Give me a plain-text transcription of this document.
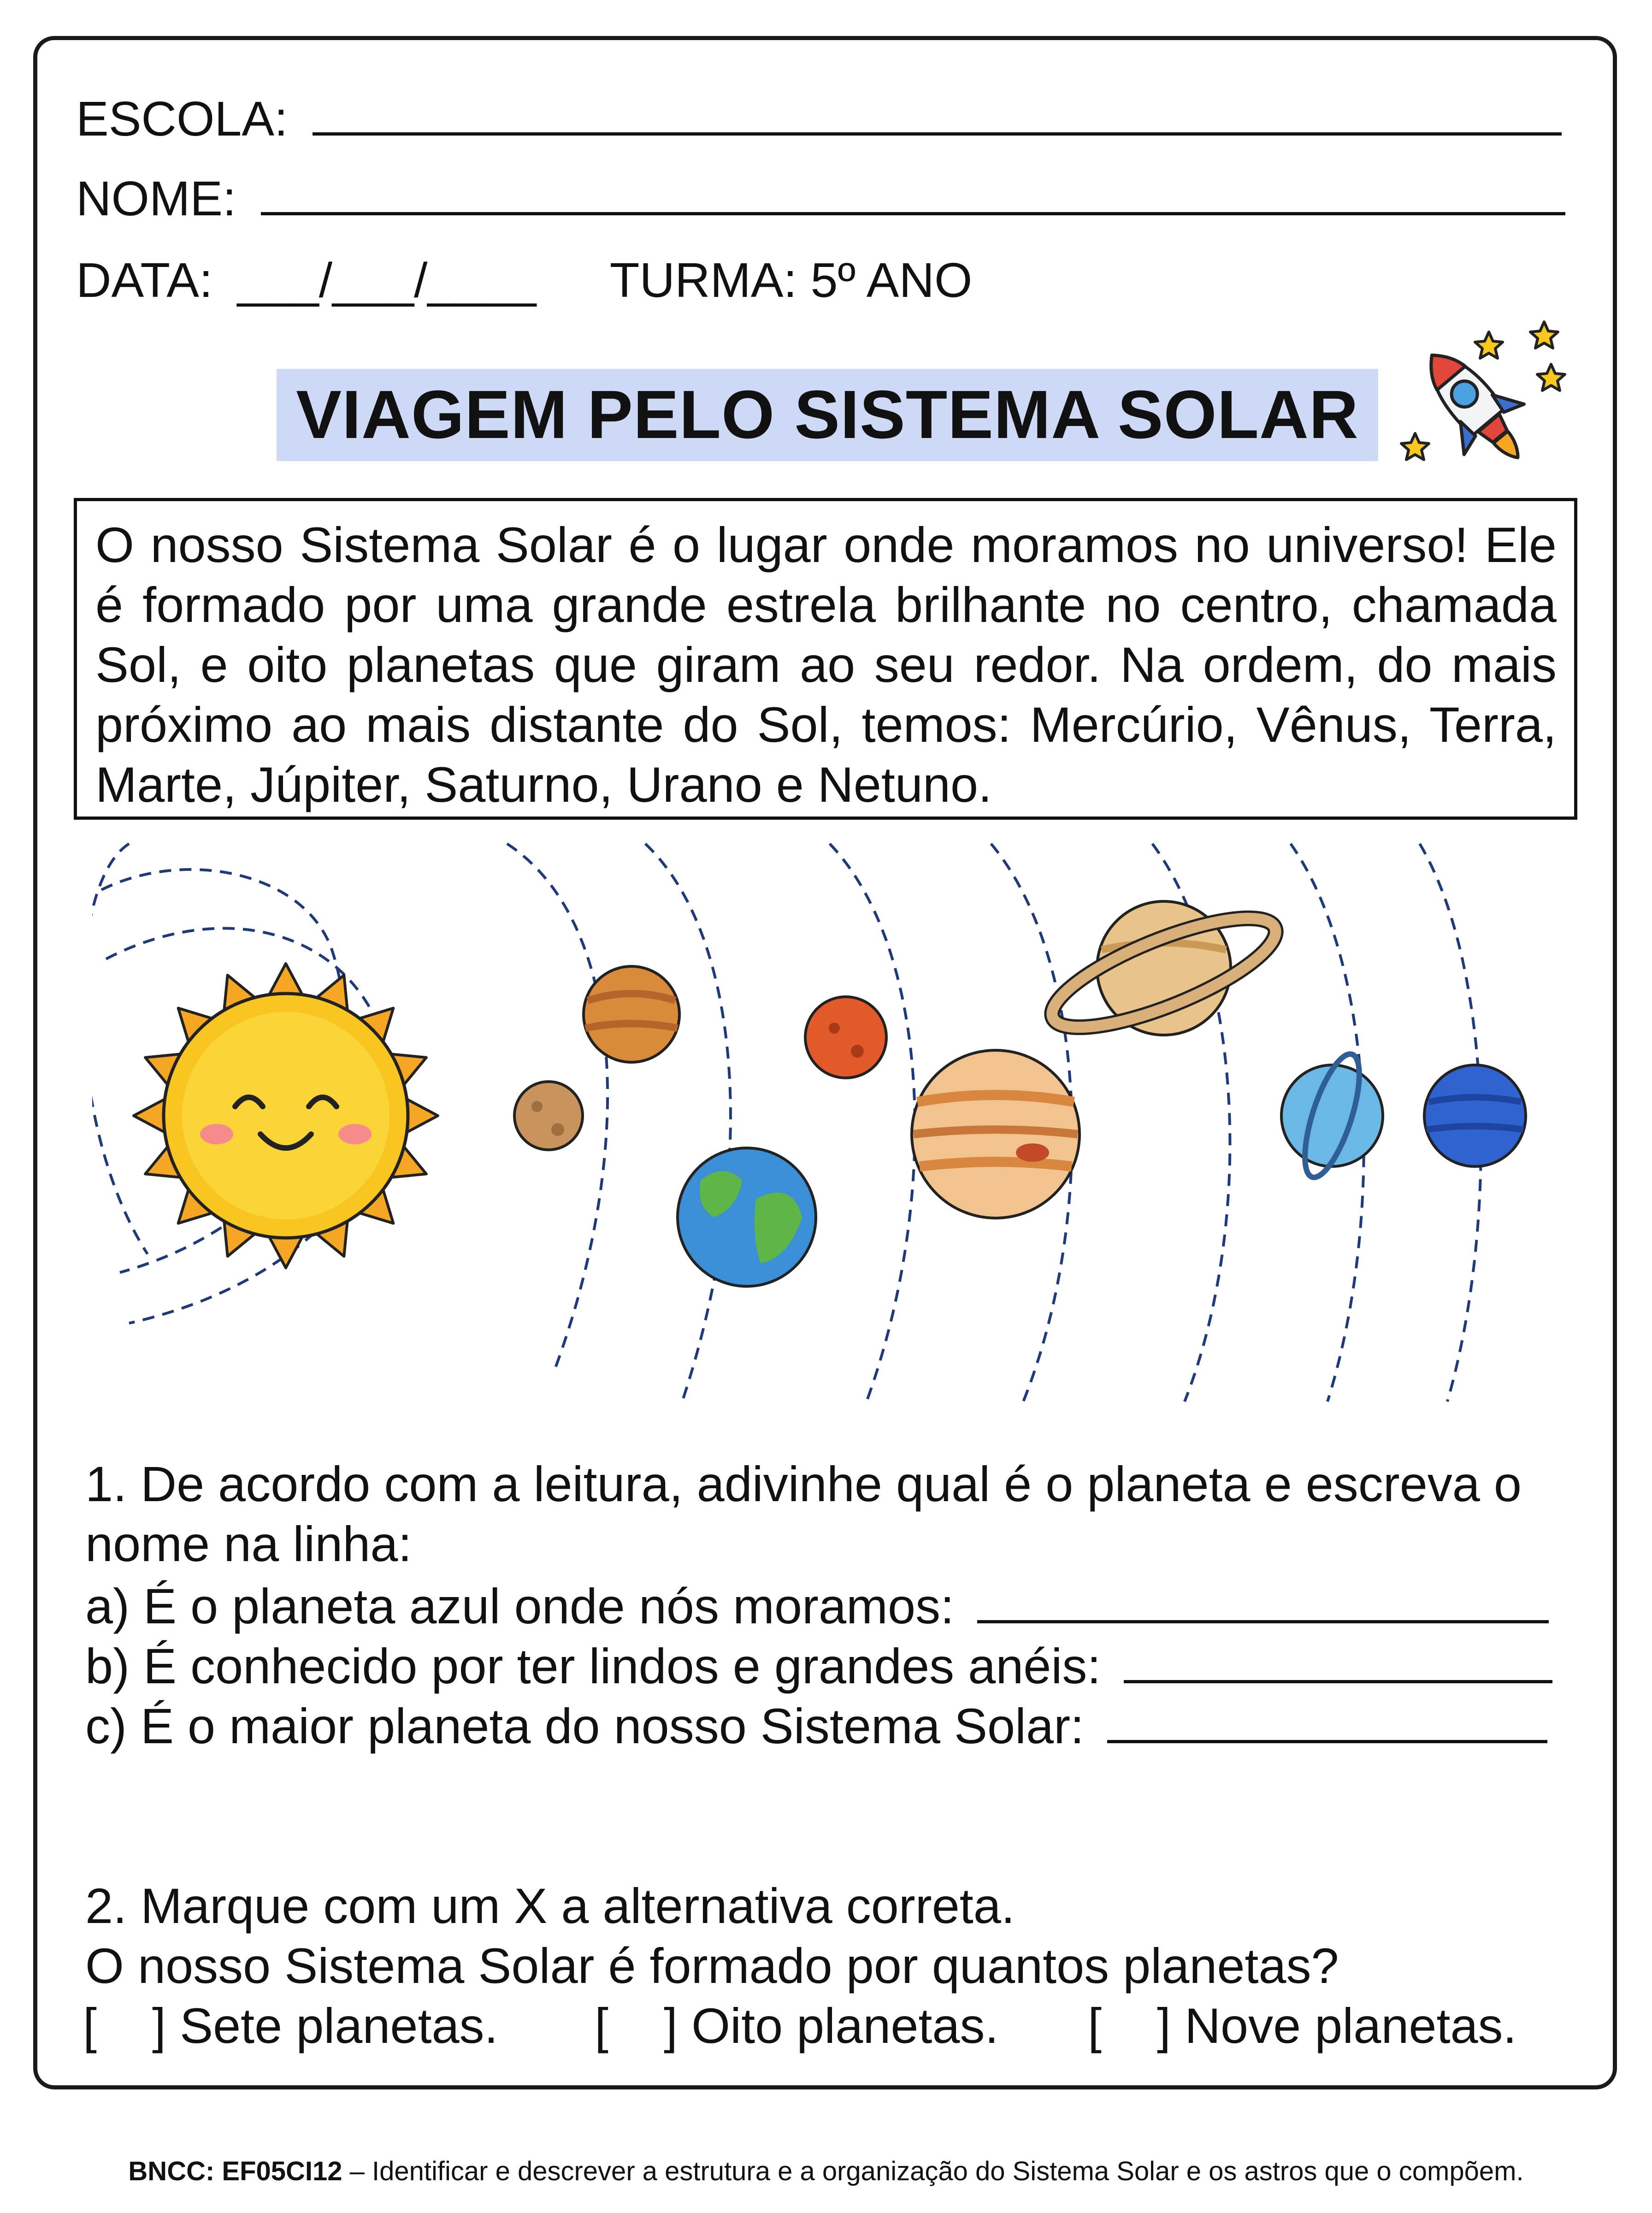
ESCOLA:
NOME:
DATA: ___/___/____ TURMA: 5º ANO
VIAGEM PELO SISTEMA SOLAR
O nosso Sistema Solar é o lugar onde moramos no universo! Ele é formado por uma grande estrela brilhante no centro, chamada Sol, e oito planetas que giram ao seu redor. Na ordem, do mais próximo ao mais distante do Sol, temos: Mercúrio, Vênus, Terra, Marte, Júpiter, Saturno, Urano e Netuno.
1. De acordo com a leitura, adivinhe qual é o planeta e escreva o
nome na linha:
a) É o planeta azul onde nós moramos:
b) É conhecido por ter lindos e grandes anéis:
c) É o maior planeta do nosso Sistema Solar:
2. Marque com um X a alternativa correta.
O nosso Sistema Solar é formado por quantos planetas?
[    ] Sete planetas. [    ] Oito planetas. [    ] Nove planetas.
BNCC: EF05CI12 – Identificar e descrever a estrutura e a organização do Sistema Solar e os astros que o compõem.
